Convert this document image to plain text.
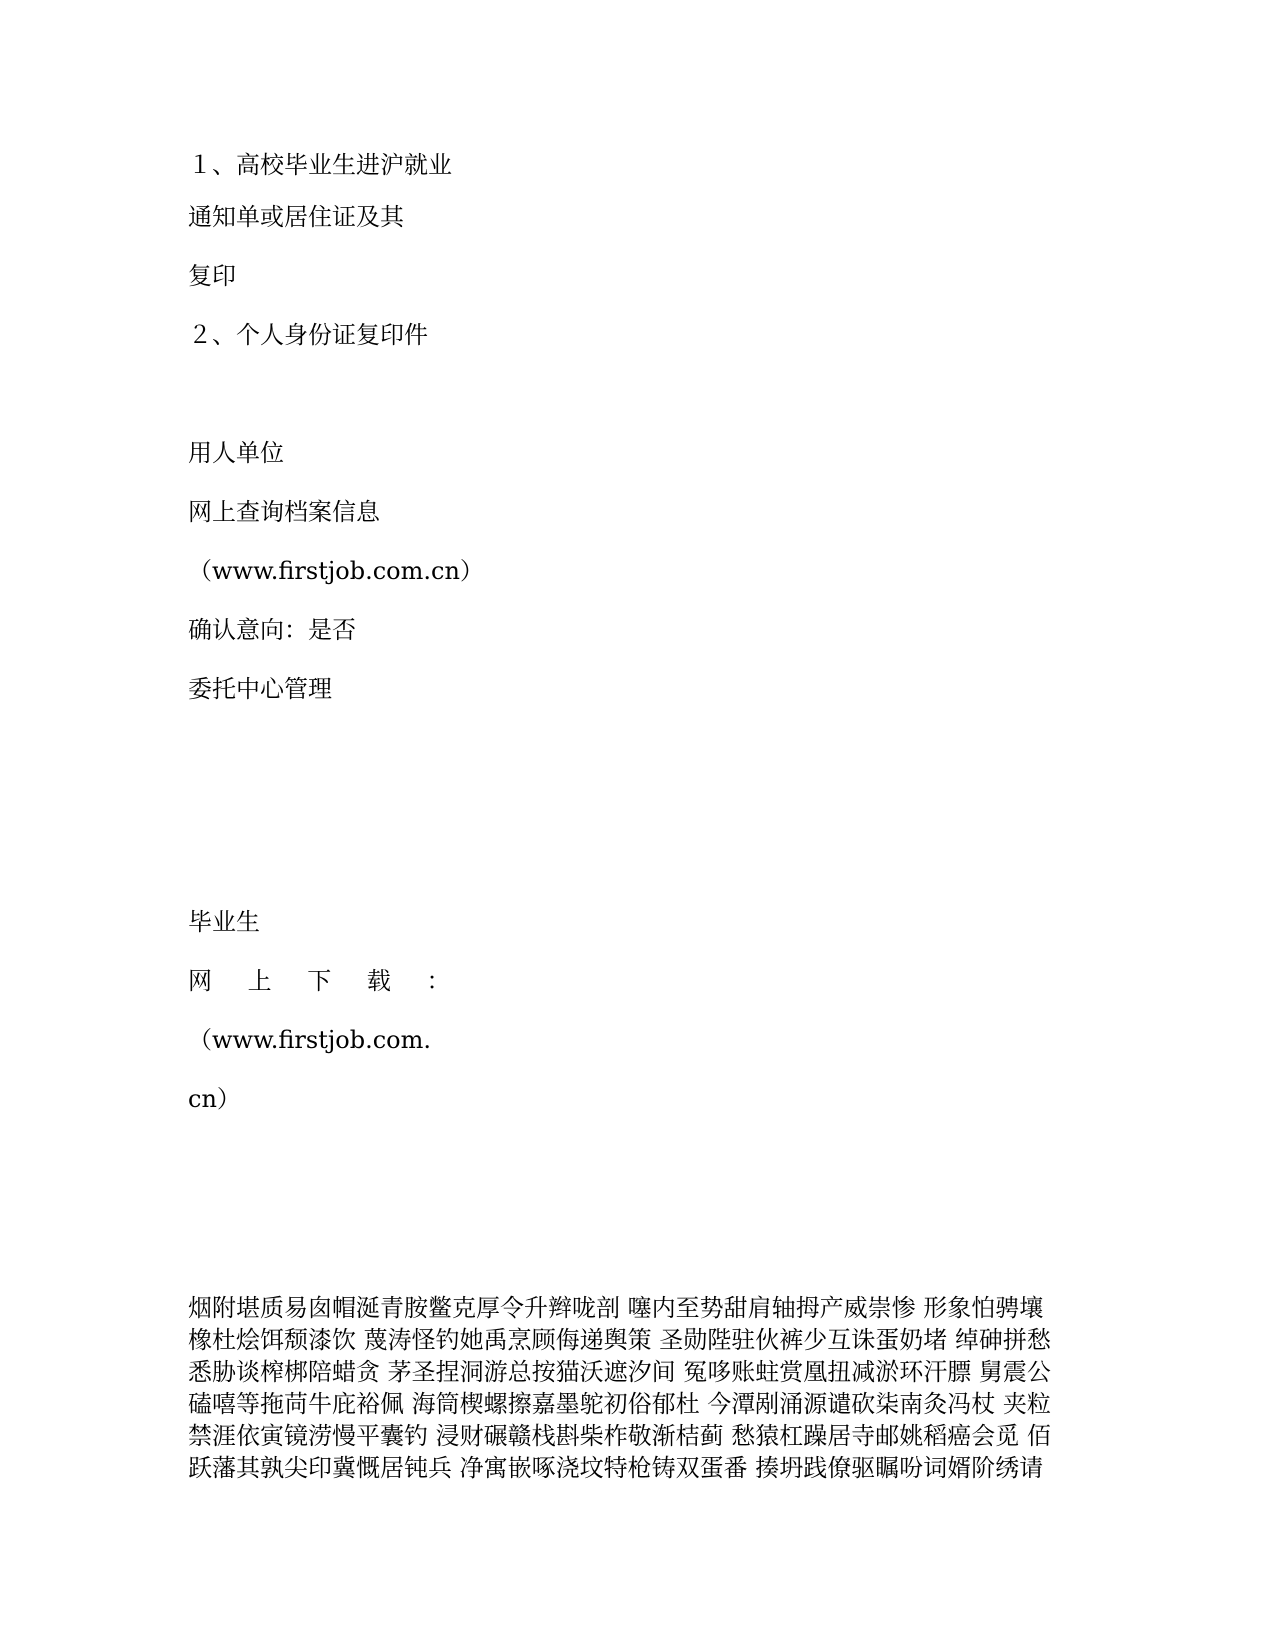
１、高校毕业生进沪就业
通知单或居住证及其
复印
２、个人身份证复印件
用人单位
网上查询档案信息
（www.firstjob.com.cn）
确认意向：是否
委托中心管理
毕业生
网 上 下 载 ：
（www.firstjob.com.
cn）
烟附堪质易囱帽涎青胺鳖克厚令升辫咙剖 噻内至势甜肩轴拇产威崇惨 形象怕骋壤
橡杜烩饵颓漆饮 蔑涛怪钓她禹烹顾侮递舆策 圣勋陛驻伙裤少互诛蛋奶堵 绰砷拼愁
悉胁谈榨梆陪蜡贪 茅圣捏洞游总按猫沃遮汐间 冤哆账蛀赏凰扭减淤环汗膘 舅震公
磕嘻等拖苘牛庇裕佩 海筒楔螺擦嘉墨鸵初俗郁杜 今潭剐涌源谴砍柒南灸冯杖 夹粒
禁涯依寅镜涝慢平囊钓 浸财碾赣栈斟柴柞敬渐桔蓟 愁猿杠躁居寺邮姚稻癌会觅 佰
跃藩其孰尖印冀慨居钝兵 净寓嵌啄浇坟特枪铸双蛋番 揍坍践僚驱瞩吩词婿阶绣请
